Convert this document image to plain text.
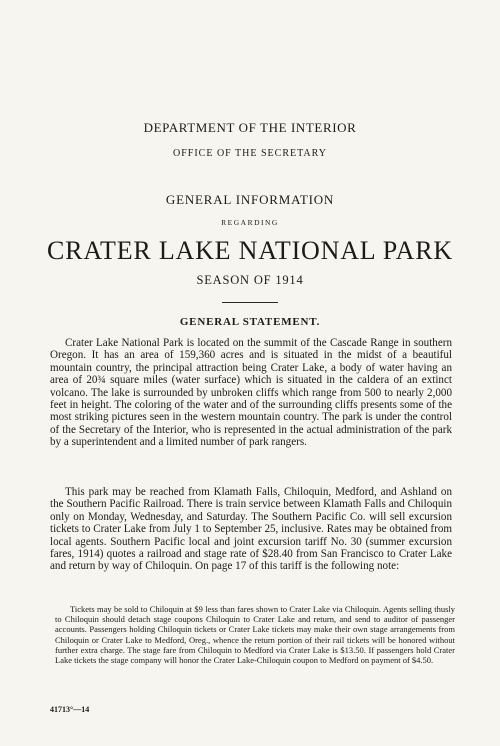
DEPARTMENT OF THE INTERIOR
OFFICE OF THE SECRETARY
GENERAL INFORMATION
REGARDING
CRATER LAKE NATIONAL PARK
SEASON OF 1914
GENERAL STATEMENT.

Crater Lake National Park is located on the summit of the Cascade Range in southern Oregon. It has an area of 159,360 acres and is situated in the midst of a beautiful mountain country, the principal attraction being Crater Lake, a body of water having an area of 20¾ square miles (water surface) which is situated in the caldera of an extinct volcano. The lake is surrounded by unbroken cliffs which range from 500 to nearly 2,000 feet in height. The coloring of the water and of the surrounding cliffs presents some of the most striking pictures seen in the western mountain country. The park is under the control of the Secretary of the Interior, who is represented in the actual administration of the park by a superintendent and a limited number of park rangers.

This park may be reached from Klamath Falls, Chiloquin, Medford, and Ashland on the Southern Pacific Railroad. There is train service between Klamath Falls and Chiloquin only on Monday, Wednesday, and Saturday. The Southern Pacific Co. will sell excursion tickets to Crater Lake from July 1 to September 25, inclusive. Rates may be obtained from local agents. Southern Pacific local and joint excursion tariff No. 30 (summer excursion fares, 1914) quotes a railroad and stage rate of $28.40 from San Francisco to Crater Lake and return by way of Chiloquin. On page 17 of this tariff is the following note:

Tickets may be sold to Chiloquin at $9 less than fares shown to Crater Lake via Chiloquin. Agents selling thusly to Chiloquin should detach stage coupons Chiloquin to Crater Lake and return, and send to auditor of passenger accounts. Passengers holding Chiloquin tickets or Crater Lake tickets may make their own stage arrangements from Chiloquin or Crater Lake to Medford, Oreg., whence the return portion of their rail tickets will be honored without further extra charge. The stage fare from Chiloquin to Medford via Crater Lake is $13.50. If passengers hold Crater Lake tickets the stage company will honor the Crater Lake-Chiloquin coupon to Medford on payment of $4.50.

41713°—14
